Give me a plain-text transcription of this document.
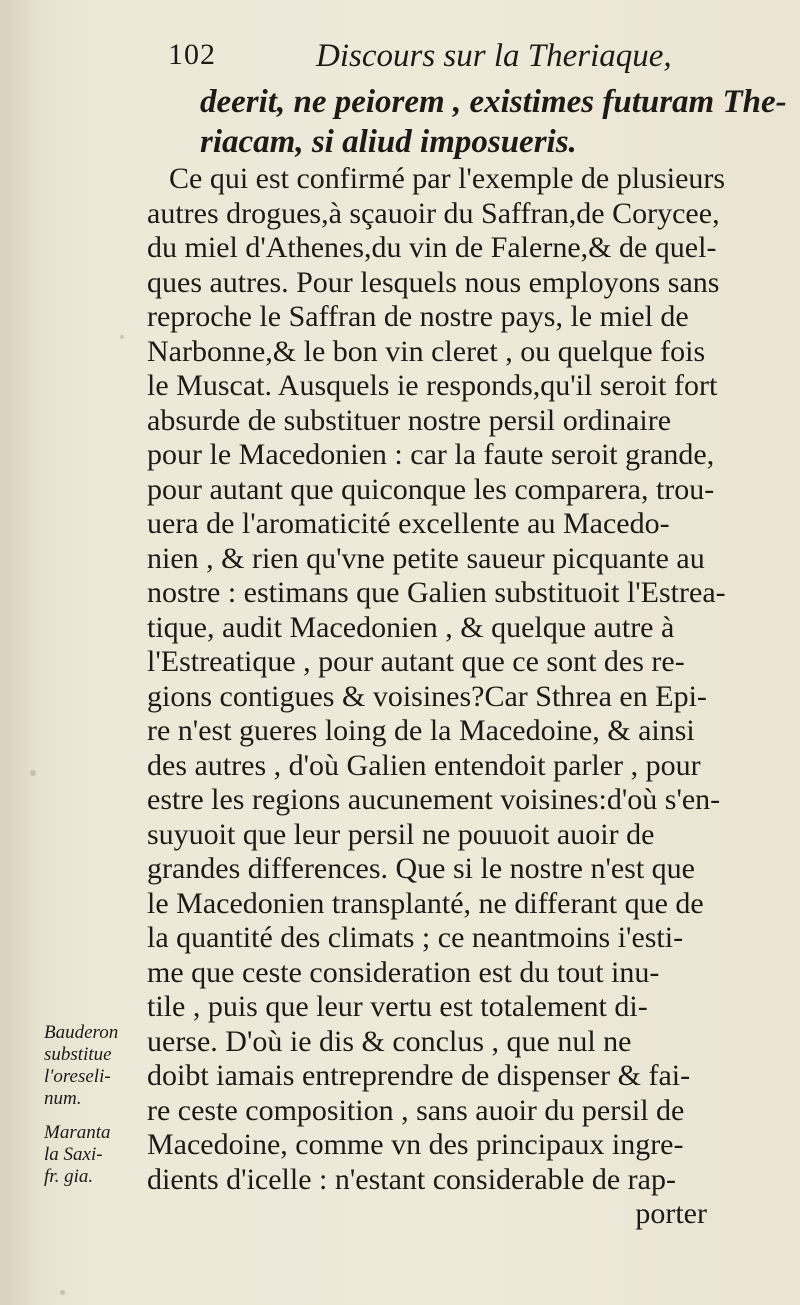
102	Discours sur la Theriaque,
deerit, ne peiorem , existimes futuram The-
riacam, si aliud imposueris.
Ce qui est confirmé par l'exemple de plusieurs
autres drogues,à sçauoir du Saffran,de Corycee,
du miel d'Athenes,du vin de Falerne,& de quel-
ques autres. Pour lesquels nous employons sans
reproche le Saffran de nostre pays, le miel de
Narbonne,& le bon vin cleret , ou quelque fois
le Muscat. Ausquels ie responds,qu'il seroit fort
absurde de substituer nostre persil ordinaire
pour le Macedonien : car la faute seroit grande,
pour autant que quiconque les comparera, trou-
uera de l'aromaticité excellente au Macedo-
nien , & rien qu'vne petite saueur picquante au
nostre : estimans que Galien substituoit l'Estrea-
tique, audit Macedonien , & quelque autre à
l'Estreatique , pour autant que ce sont des re-
gions contigues & voisines?Car Sthrea en Epi-
re n'est gueres loing de la Macedoine, & ainsi
des autres , d'où Galien entendoit parler , pour
estre les regions aucunement voisines:d'où s'en-
suyuoit que leur persil ne pouuoit auoir de
grandes differences. Que si le nostre n'est que
le Macedonien transplanté, ne differant que de
la quantité des climats ; ce neantmoins i'esti-
me que ceste consideration est du tout inu-
tile , puis que leur vertu est totalement di-
uerse. D'où ie dis & conclus , que nul ne
doibt iamais entreprendre de dispenser & fai-
re ceste composition , sans auoir du persil de
Macedoine, comme vn des principaux ingre-
dients d'icelle : n'estant considerable de rap-
porter
Bauderon
substitue
l'oreseli-
num.
Maranta
la Saxi-
fr. gia.
